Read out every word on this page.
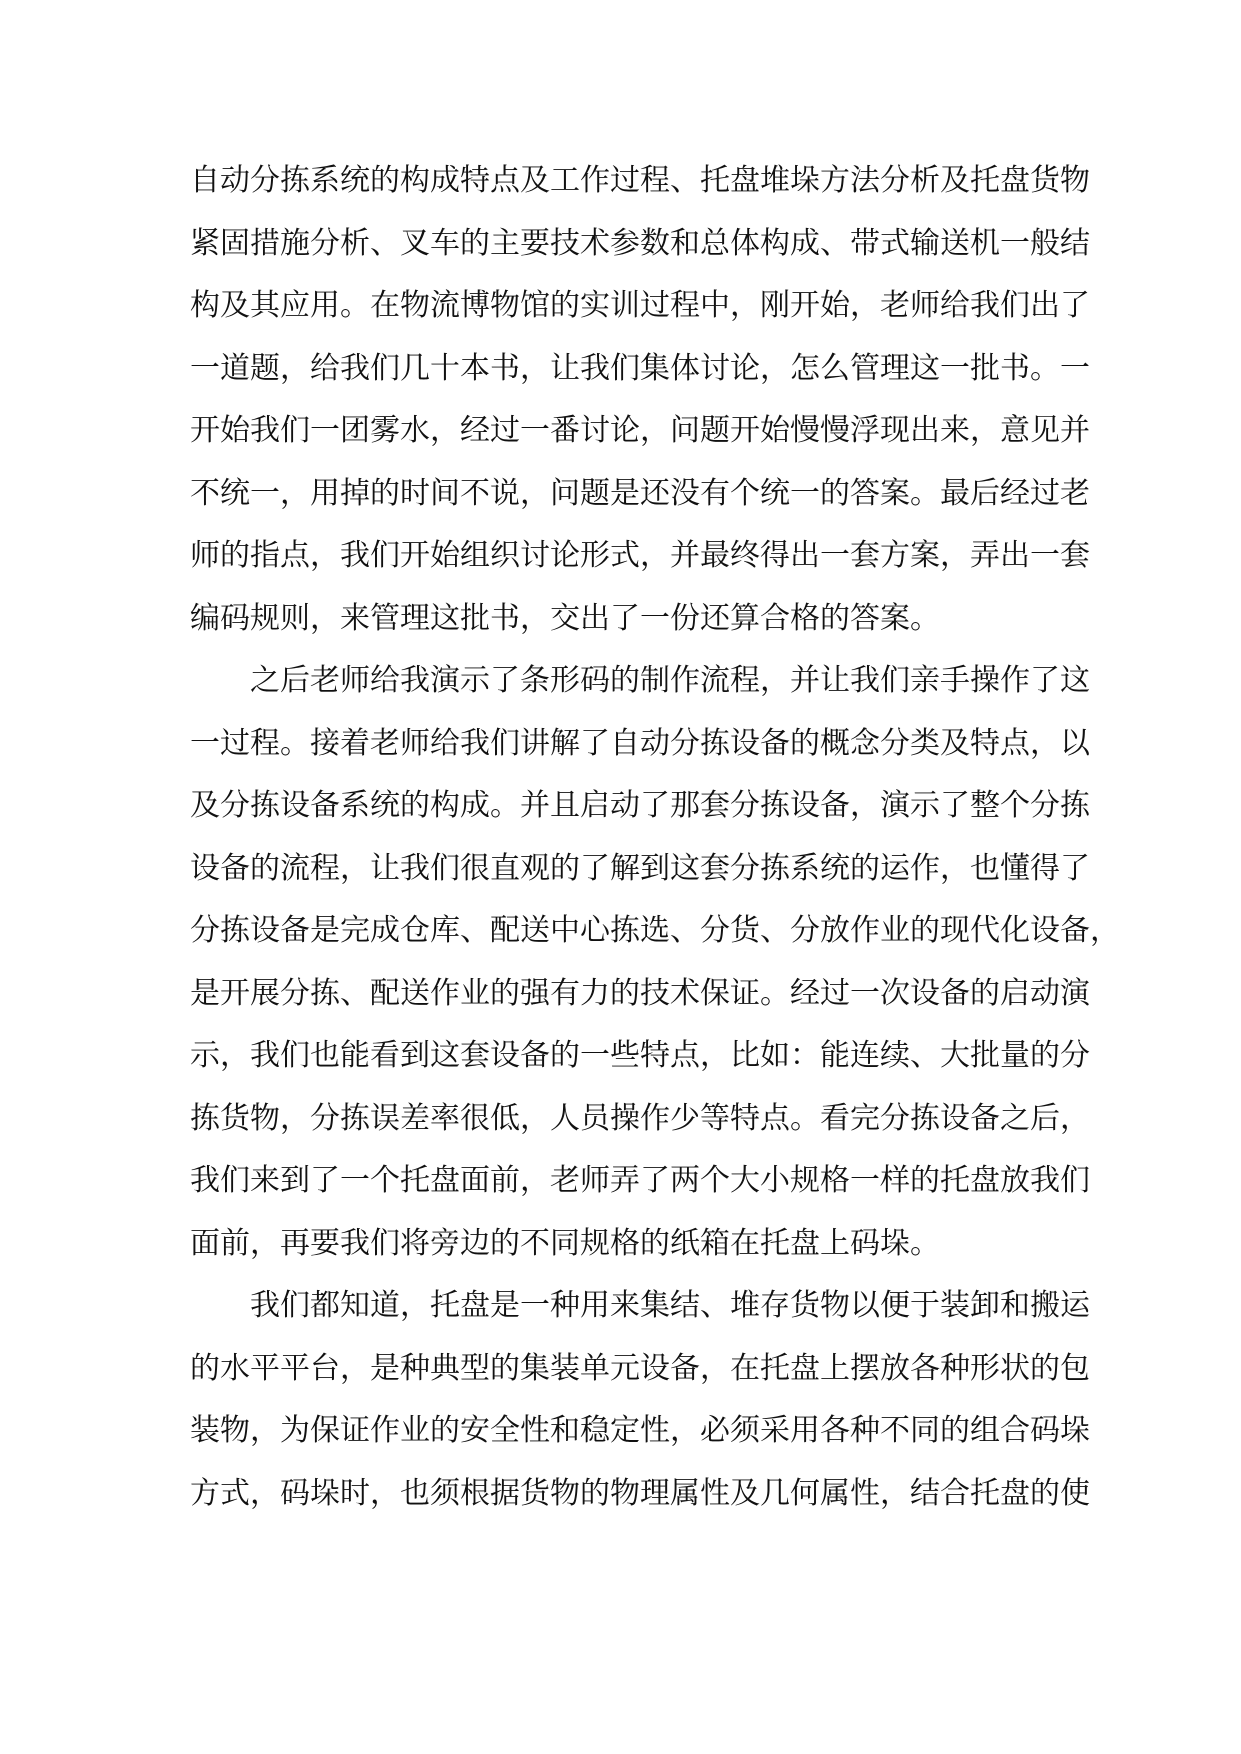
自动分拣系统的构成特点及工作过程、托盘堆垛方法分析及托盘货物
紧固措施分析、叉车的主要技术参数和总体构成、带式输送机一般结
构及其应用。在物流博物馆的实训过程中，刚开始，老师给我们出了
一道题，给我们几十本书，让我们集体讨论，怎么管理这一批书。一
开始我们一团雾水，经过一番讨论，问题开始慢慢浮现出来，意见并
不统一，用掉的时间不说，问题是还没有个统一的答案。最后经过老
师的指点，我们开始组织讨论形式，并最终得出一套方案，弄出一套
编码规则，来管理这批书，交出了一份还算合格的答案。
之后老师给我演示了条形码的制作流程，并让我们亲手操作了这
一过程。接着老师给我们讲解了自动分拣设备的概念分类及特点，以
及分拣设备系统的构成。并且启动了那套分拣设备，演示了整个分拣
设备的流程，让我们很直观的了解到这套分拣系统的运作，也懂得了
分拣设备是完成仓库、配送中心拣选、分货、分放作业的现代化设备，
是开展分拣、配送作业的强有力的技术保证。经过一次设备的启动演
示，我们也能看到这套设备的一些特点，比如：能连续、大批量的分
拣货物，分拣误差率很低，人员操作少等特点。看完分拣设备之后，
我们来到了一个托盘面前，老师弄了两个大小规格一样的托盘放我们
面前，再要我们将旁边的不同规格的纸箱在托盘上码垛。
我们都知道，托盘是一种用来集结、堆存货物以便于装卸和搬运
的水平平台，是种典型的集装单元设备，在托盘上摆放各种形状的包
装物，为保证作业的安全性和稳定性，必须采用各种不同的组合码垛
方式，码垛时，也须根据货物的物理属性及几何属性，结合托盘的使
